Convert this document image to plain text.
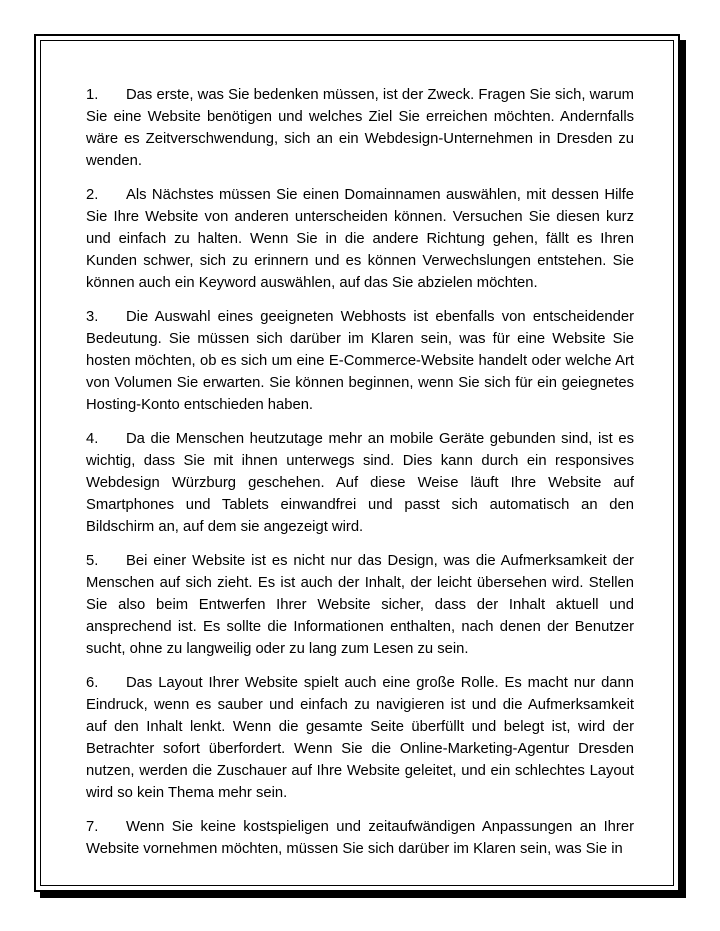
1. Das erste, was Sie bedenken müssen, ist der Zweck. Fragen Sie sich, warum Sie eine Website benötigen und welches Ziel Sie erreichen möchten. Andernfalls wäre es Zeitverschwendung, sich an ein Webdesign-Unternehmen in Dresden zu wenden.

2. Als Nächstes müssen Sie einen Domainnamen auswählen, mit dessen Hilfe Sie Ihre Website von anderen unterscheiden können. Versuchen Sie diesen kurz und einfach zu halten. Wenn Sie in die andere Richtung gehen, fällt es Ihren Kunden schwer, sich zu erinnern und es können Verwechslungen entstehen. Sie können auch ein Keyword auswählen, auf das Sie abzielen möchten.

3. Die Auswahl eines geeigneten Webhosts ist ebenfalls von entscheidender Bedeutung. Sie müssen sich darüber im Klaren sein, was für eine Website Sie hosten möchten, ob es sich um eine E-Commerce-Website handelt oder welche Art von Volumen Sie erwarten. Sie können beginnen, wenn Sie sich für ein geiegnetes Hosting-Konto entschieden haben.

4. Da die Menschen heutzutage mehr an mobile Geräte gebunden sind, ist es wichtig, dass Sie mit ihnen unterwegs sind. Dies kann durch ein responsives Webdesign Würzburg geschehen. Auf diese Weise läuft Ihre Website auf Smartphones und Tablets einwandfrei und passt sich automatisch an den Bildschirm an, auf dem sie angezeigt wird.

5. Bei einer Website ist es nicht nur das Design, was die Aufmerksamkeit der Menschen auf sich zieht. Es ist auch der Inhalt, der leicht übersehen wird. Stellen Sie also beim Entwerfen Ihrer Website sicher, dass der Inhalt aktuell und ansprechend ist. Es sollte die Informationen enthalten, nach denen der Benutzer sucht, ohne zu langweilig oder zu lang zum Lesen zu sein.

6. Das Layout Ihrer Website spielt auch eine große Rolle. Es macht nur dann Eindruck, wenn es sauber und einfach zu navigieren ist und die Aufmerksamkeit auf den Inhalt lenkt. Wenn die gesamte Seite überfüllt und belegt ist, wird der Betrachter sofort überfordert. Wenn Sie die Online-Marketing-Agentur Dresden nutzen, werden die Zuschauer auf Ihre Website geleitet, und ein schlechtes Layout wird so kein Thema mehr sein.

7. Wenn Sie keine kostspieligen und zeitaufwändigen Anpassungen an Ihrer Website vornehmen möchten, müssen Sie sich darüber im Klaren sein, was Sie in
